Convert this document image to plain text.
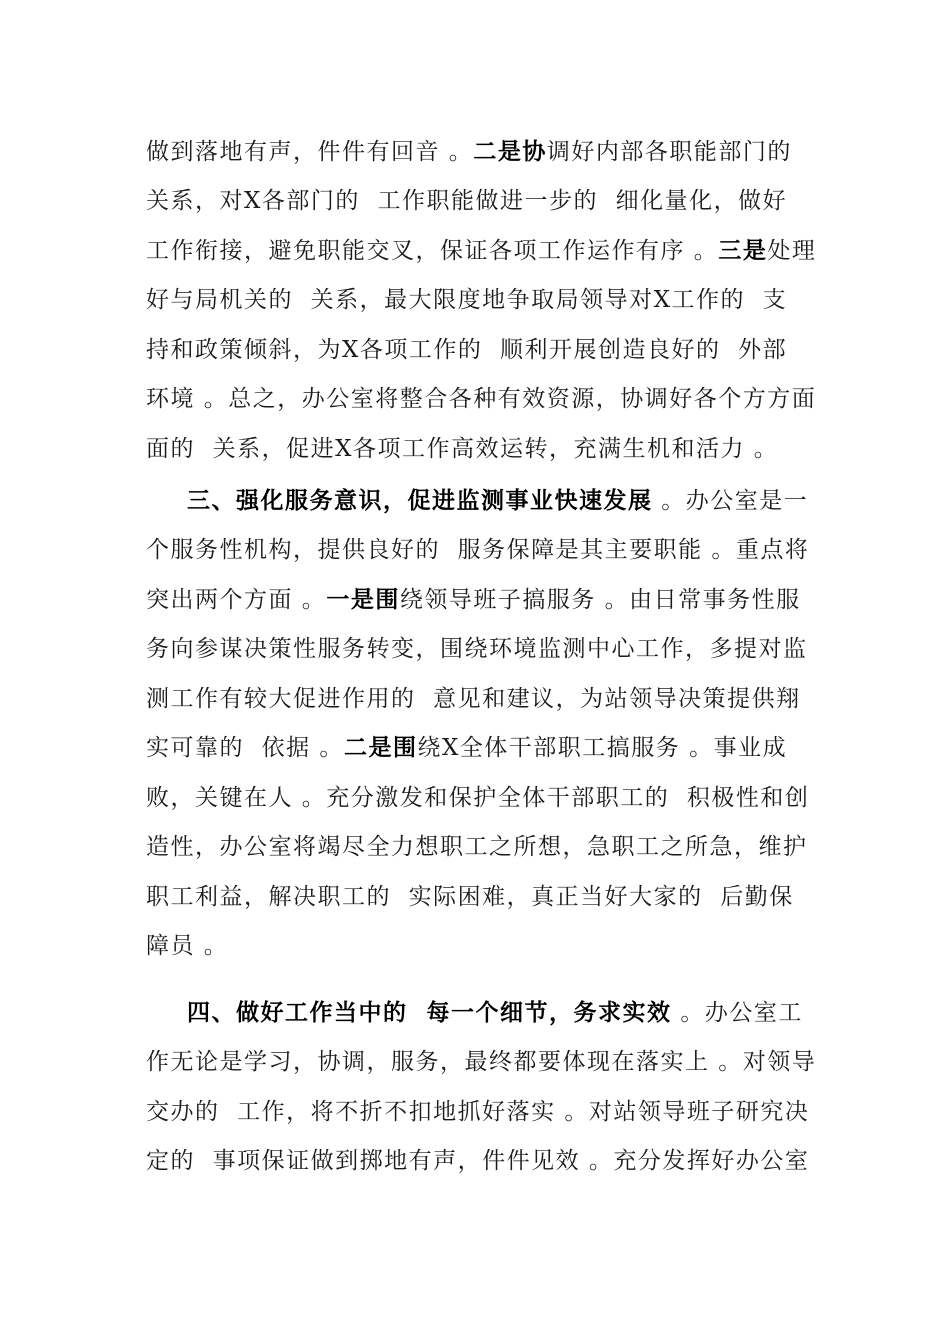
做到落地有声，件件有回音 。二是协调好内部各职能部门的
关系，对X各部门的  工作职能做进一步的  细化量化，做好
工作衔接，避免职能交叉，保证各项工作运作有序 。三是处理
好与局机关的  关系，最大限度地争取局领导对X工作的  支
持和政策倾斜，为X各项工作的  顺利开展创造良好的  外部
环境 。总之，办公室将整合各种有效资源，协调好各个方方面
面的  关系，促进X各项工作高效运转，充满生机和活力 。
三、强化服务意识，促进监测事业快速发展 。办公室是一
个服务性机构，提供良好的  服务保障是其主要职能 。重点将
突出两个方面 。一是围绕领导班子搞服务 。由日常事务性服
务向参谋决策性服务转变，围绕环境监测中心工作，多提对监
测工作有较大促进作用的  意见和建议，为站领导决策提供翔
实可靠的  依据 。二是围绕X全体干部职工搞服务 。事业成
败，关键在人 。充分激发和保护全体干部职工的  积极性和创
造性，办公室将竭尽全力想职工之所想，急职工之所急，维护
职工利益，解决职工的  实际困难，真正当好大家的  后勤保
障员 。
四、做好工作当中的  每一个细节，务求实效 。办公室工
作无论是学习，协调，服务，最终都要体现在落实上 。对领导
交办的  工作，将不折不扣地抓好落实 。对站领导班子研究决
定的  事项保证做到掷地有声，件件见效 。充分发挥好办公室
